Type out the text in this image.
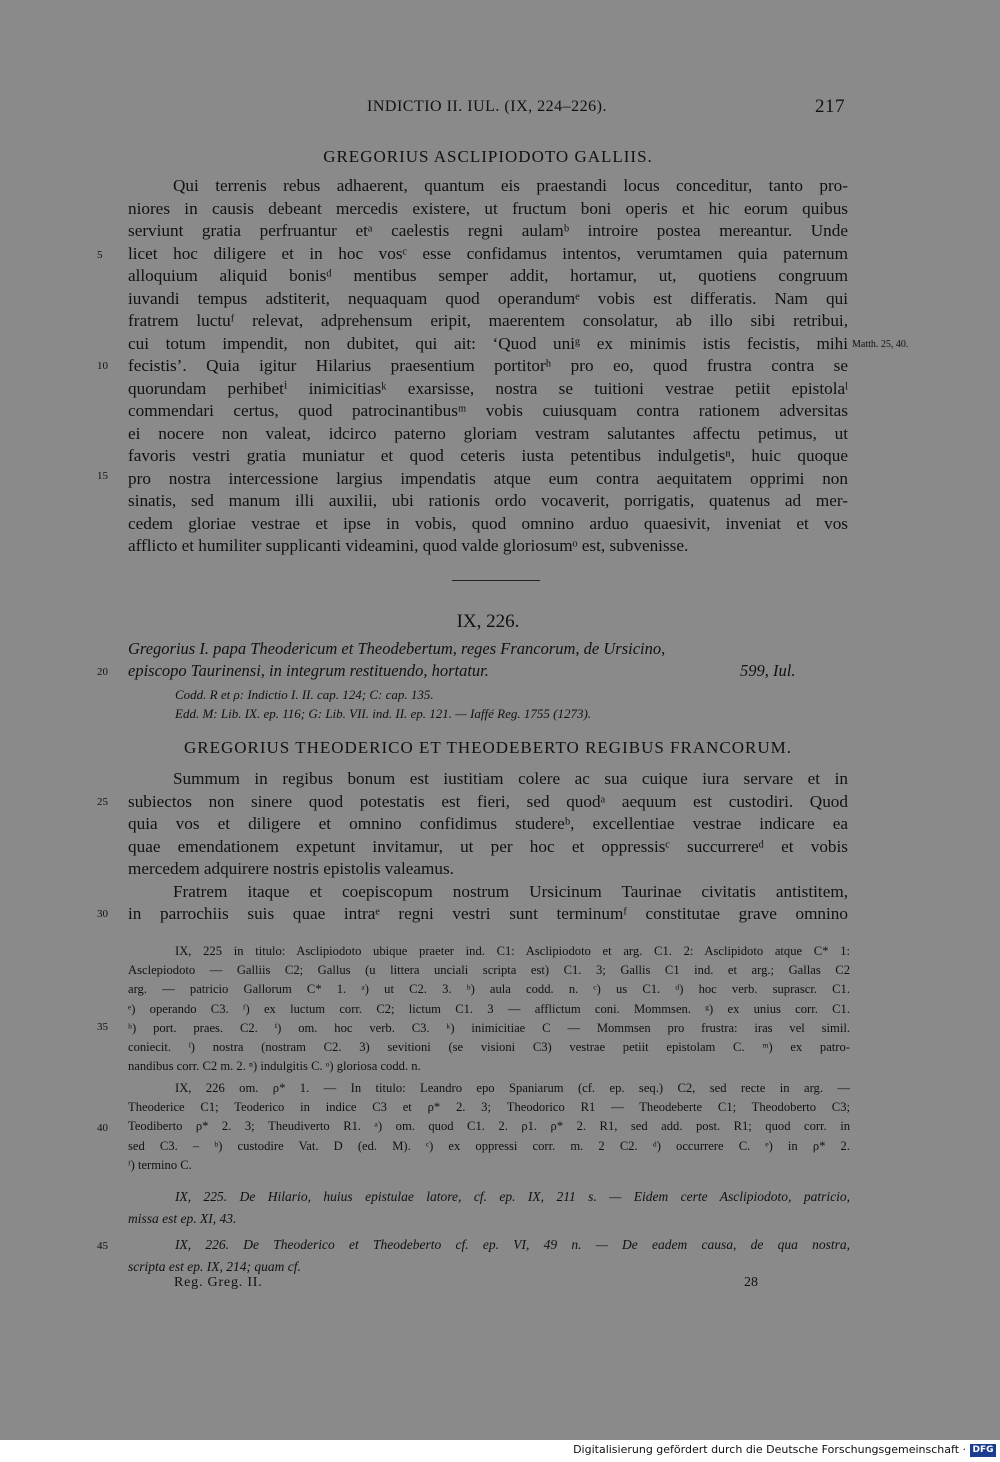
INDICTIO II. IUL. (IX, 224–226).	217
GREGORIUS ASCLIPIODOTO GALLIIS.
Qui terrenis rebus adhaerent, quantum eis praestandi locus conceditur, tanto pro-
niores in causis debeant mercedis existere, ut fructum boni operis et hic eorum quibus
serviunt gratia perfruantur etᵃ caelestis regni aulamᵇ introire postea mereantur. Unde
licet hoc diligere et in hoc vosᶜ esse confidamus intentos, verumtamen quia paternum
alloquium aliquid bonisᵈ mentibus semper addit, hortamur, ut, quotiens congruum
iuvandi tempus adstiterit, nequaquam quod operandumᵉ vobis est differatis. Nam qui
fratrem luctuᶠ relevat, adprehensum eripit, maerentem consolatur, ab illo sibi retribui,
cui totum impendit, non dubitet, qui ait: ‘Quod uniᵍ ex minimis istis fecistis, mihi
fecistis’. Quia igitur Hilarius praesentium portitorʰ pro eo, quod frustra contra se
quorundam perhibetⁱ inimicitiasᵏ exarsisse, nostra se tuitioni vestrae petiit epistolaˡ
commendari certus, quod patrocinantibusᵐ vobis cuiusquam contra rationem adversitas
ei nocere non valeat, idcirco paterno gloriam vestram salutantes affectu petimus, ut
favoris vestri gratia muniatur et quod ceteris iusta petentibus indulgetisⁿ, huic quoque
pro nostra intercessione largius impendatis atque eum contra aequitatem opprimi non
sinatis, sed manum illi auxilii, ubi rationis ordo vocaverit, porrigatis, quatenus ad mer-
cedem gloriae vestrae et ipse in vobis, quod omnino arduo quaesivit, inveniat et vos
afflicto et humiliter supplicanti videamini, quod valde gloriosumᵒ est, subvenisse.
5
10
15
Matth. 25, 40.
IX, 226.
Gregorius I. papa Theodericum et Theodebertum, reges Francorum, de Ursicino,
episcopo Taurinensi, in integrum restituendo, hortatur.	599, Iul.
20
Codd. R et ρ: Indictio I. II. cap. 124; C: cap. 135.
Edd. M: Lib. IX. ep. 116; G: Lib. VII. ind. II. ep. 121. — Iaffé Reg. 1755 (1273).
GREGORIUS THEODERICO ET THEODEBERTO REGIBUS FRANCORUM.
Summum in regibus bonum est iustitiam colere ac sua cuique iura servare et in
subiectos non sinere quod potestatis est fieri, sed quodᵃ aequum est custodiri. Quod
quia vos et diligere et omnino confidimus studereᵇ, excellentiae vestrae indicare ea
quae emendationem expetunt invitamur, ut per hoc et oppressisᶜ succurrereᵈ et vobis
mercedem adquirere nostris epistolis valeamus.
Fratrem itaque et coepiscopum nostrum Ursicinum Taurinae civitatis antistitem,
in parrochiis suis quae intraᵉ regni vestri sunt terminumᶠ constitutae grave omnino
25
30
IX, 225 in titulo: Asclipiodoto ubique praeter ind. C1: Asclipiodoto et arg. C1. 2: Asclipidoto atque C* 1:
Asclepiodoto — Galliis C2; Gallus (u littera unciali scripta est) C1. 3; Gallis C1 ind. et arg.; Gallas C2
arg. — patricio Gallorum C* 1. ᵃ) ut C2. 3. ᵇ) aula codd. n. ᶜ) us C1. ᵈ) hoc verb. suprascr. C1.
ᵉ) operando C3. ᶠ) ex luctum corr. C2; lictum C1. 3 — afflictum coni. Mommsen. ᵍ) ex unius corr. C1.
ʰ) port. praes. C2. ⁱ) om. hoc verb. C3. ᵏ) inimicitiae C — Mommsen pro frustra: iras vel simil.
coniecit. ˡ) nostra (nostram C2. 3) sevitioni (se visioni C3) vestrae petiit epistolam C. ᵐ) ex patro-
nandibus corr. C2 m. 2. ⁿ) indulgitis C. ᵒ) gloriosa codd. n.
IX, 226 om. ρ* 1. — In titulo: Leandro epo Spaniarum (cf. ep. seq.) C2, sed recte in arg. —
Theoderice C1; Teoderico in indice C3 et ρ* 2. 3; Theodorico R1 — Theodeberte C1; Theodoberto C3;
Teodiberto ρ* 2. 3; Theudiverto R1. ᵃ) om. quod C1. 2. ρ1. ρ* 2. R1, sed add. post. R1; quod corr. in
sed C3. – ᵇ) custodire Vat. D (ed. M). ᶜ) ex oppressi corr. m. 2 C2. ᵈ) occurrere C. ᵉ) in ρ* 2.
ᶠ) termino C.
35
40
45
IX, 225. De Hilario, huius epistulae latore, cf. ep. IX, 211 s. — Eidem certe Asclipiodoto, patricio,
missa est ep. XI, 43.
IX, 226. De Theoderico et Theodeberto cf. ep. VI, 49 n. — De eadem causa, de qua nostra,
scripta est ep. IX, 214; quam cf.
Reg. Greg. II.	28
Digitalisierung gefördert durch die Deutsche Forschungsgemeinschaft · DFG
